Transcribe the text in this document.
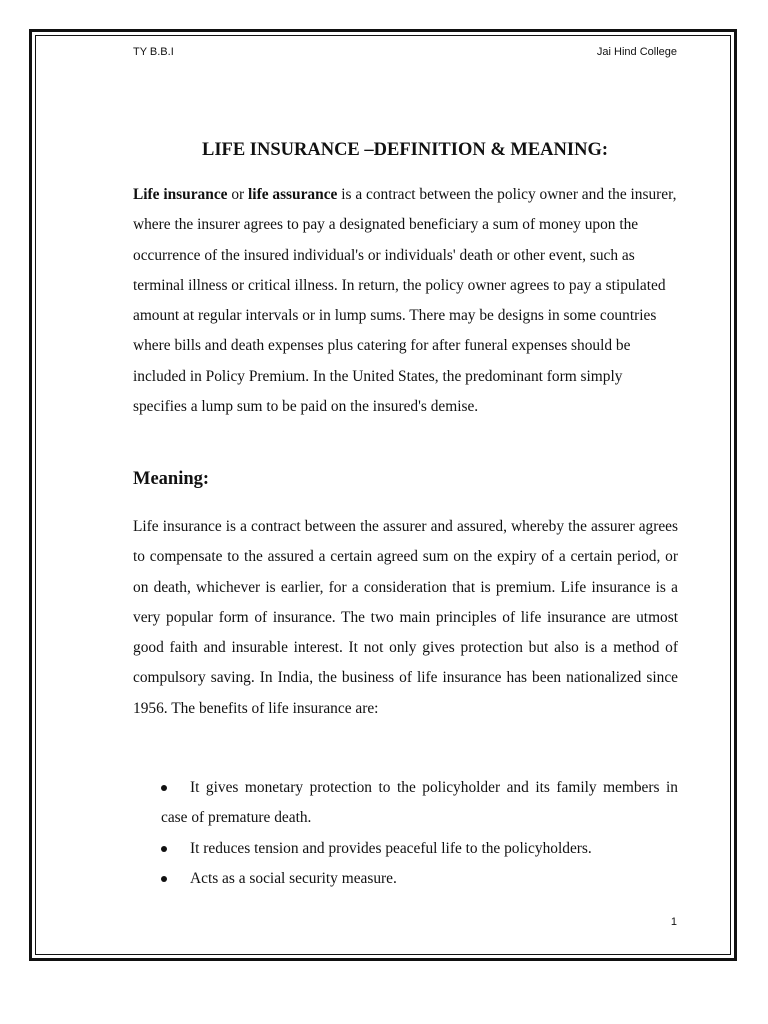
TY B.B.I	Jai Hind College
LIFE INSURANCE –DEFINITION & MEANING:

Life insurance or life assurance is a contract between the policy owner and the insurer, where the insurer agrees to pay a designated beneficiary a sum of money upon the occurrence of the insured individual's or individuals' death or other event, such as terminal illness or critical illness. In return, the policy owner agrees to pay a stipulated amount at regular intervals or in lump sums. There may be designs in some countries where bills and death expenses plus catering for after funeral expenses should be included in Policy Premium. In the United States, the predominant form simply specifies a lump sum to be paid on the insured's demise.

Meaning:

Life insurance is a contract between the assurer and assured, whereby the assurer agrees to compensate to the assured a certain agreed sum on the expiry of a certain period, or on death, whichever is earlier, for a consideration that is premium. Life insurance is a very popular form of insurance. The two main principles of life insurance are utmost good faith and insurable interest. It not only gives protection but also is a method of compulsory saving. In India, the business of life insurance has been nationalized since 1956. The benefits of life insurance are:

It gives monetary protection to the policyholder and its family members in case of premature death.
It reduces tension and provides peaceful life to the policyholders.
Acts as a social security measure.
1
